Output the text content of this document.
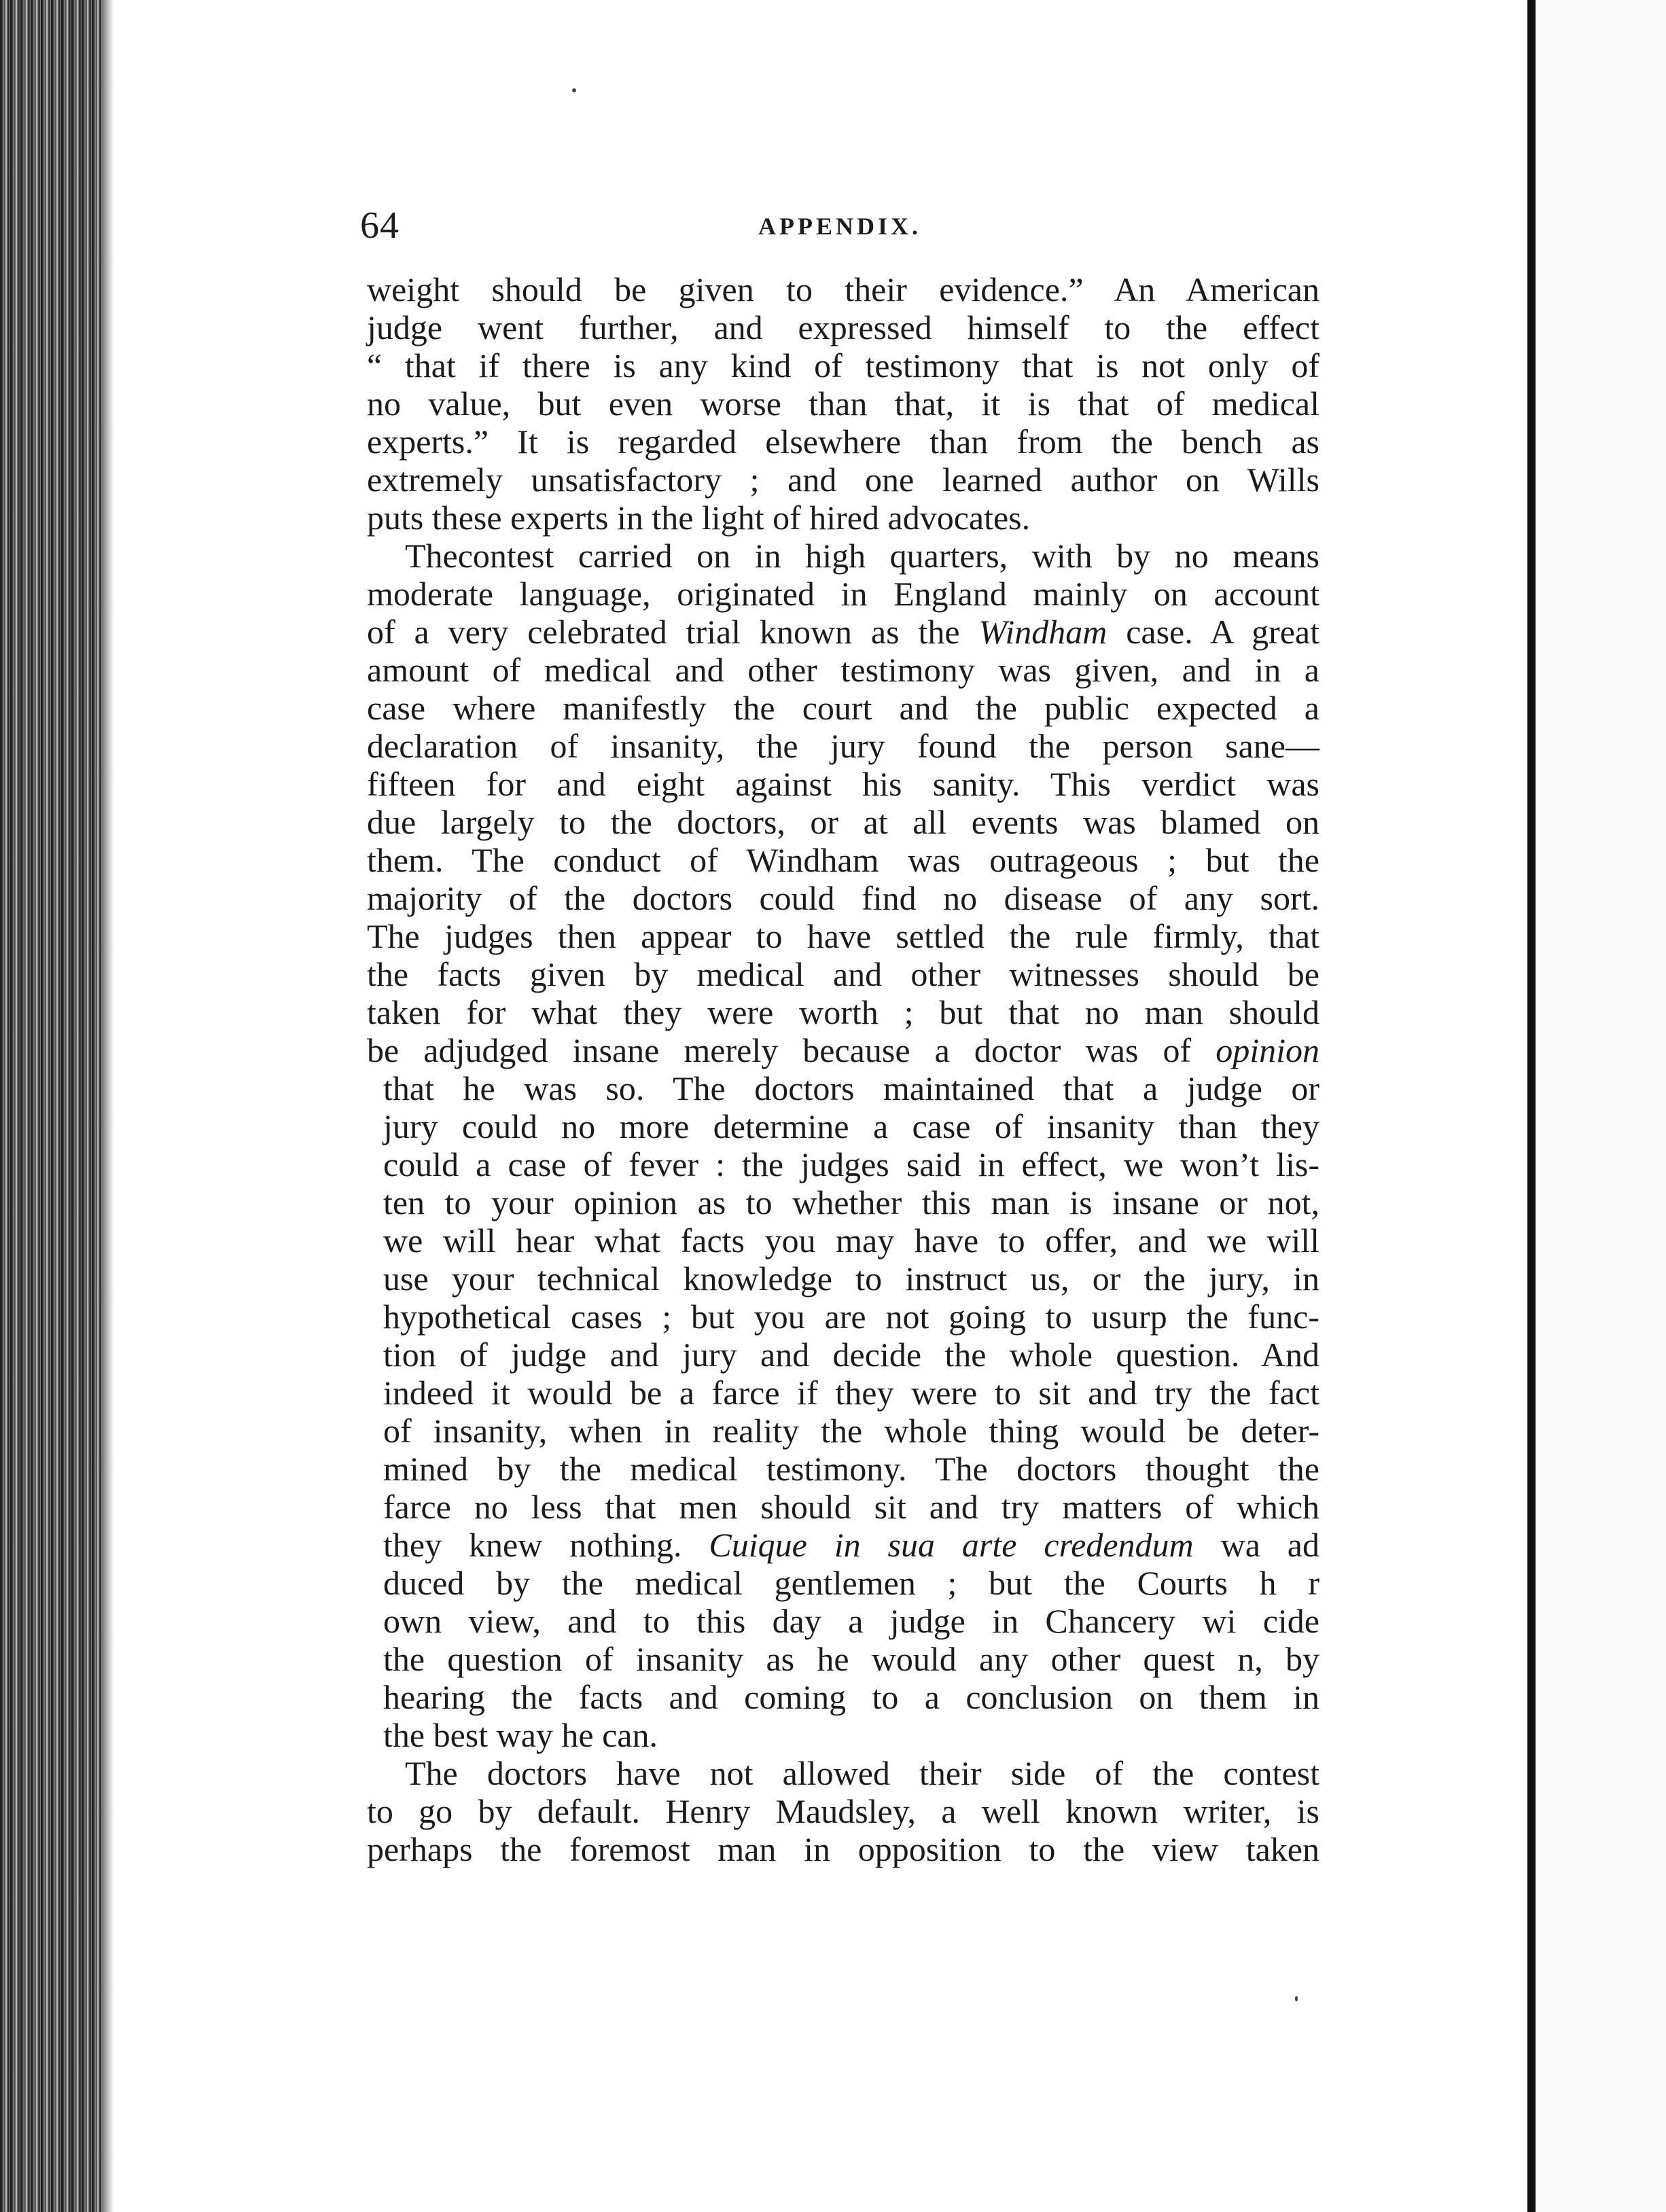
64	APPENDIX.
weight should be given to their evidence.” An American
judge went further, and expressed himself to the effect
“ that if there is any kind of testimony that is not only of
no value, but even worse than that, it is that of medical
experts.” It is regarded elsewhere than from the bench as
extremely unsatisfactory ; and one learned author on Wills
puts these experts in the light of hired advocates.
Thecontest carried on in high quarters, with by no means
moderate language, originated in England mainly on account
of a very celebrated trial known as the Windham case. A great
amount of medical and other testimony was given, and in a
case where manifestly the court and the public expected a
declaration of insanity, the jury found the person sane—
fifteen for and eight against his sanity. This verdict was
due largely to the doctors, or at all events was blamed on
them. The conduct of Windham was outrageous ; but the
majority of the doctors could find no disease of any sort.
The judges then appear to have settled the rule firmly, that
the facts given by medical and other witnesses should be
taken for what they were worth ; but that no man should
be adjudged insane merely because a doctor was of opinion
that he was so. The doctors maintained that a judge or
jury could no more determine a case of insanity than they
could a case of fever : the judges said in effect, we won’t lis-
ten to your opinion as to whether this man is insane or not,
we will hear what facts you may have to offer, and we will
use your technical knowledge to instruct us, or the jury, in
hypothetical cases ; but you are not going to usurp the func-
tion of judge and jury and decide the whole question. And
indeed it would be a farce if they were to sit and try the fact
of insanity, when in reality the whole thing would be deter-
mined by the medical testimony. The doctors thought the
farce no less that men should sit and try matters of which
they knew nothing. Cuique in sua arte credendum wa ad
duced by the medical gentlemen ; but the Courts h r
own view, and to this day a judge in Chancery wi cide
the question of insanity as he would any other quest n, by
hearing the facts and coming to a conclusion on them in
the best way he can.
The doctors have not allowed their side of the contest
to go by default. Henry Maudsley, a well known writer, is
perhaps the foremost man in opposition to the view taken
